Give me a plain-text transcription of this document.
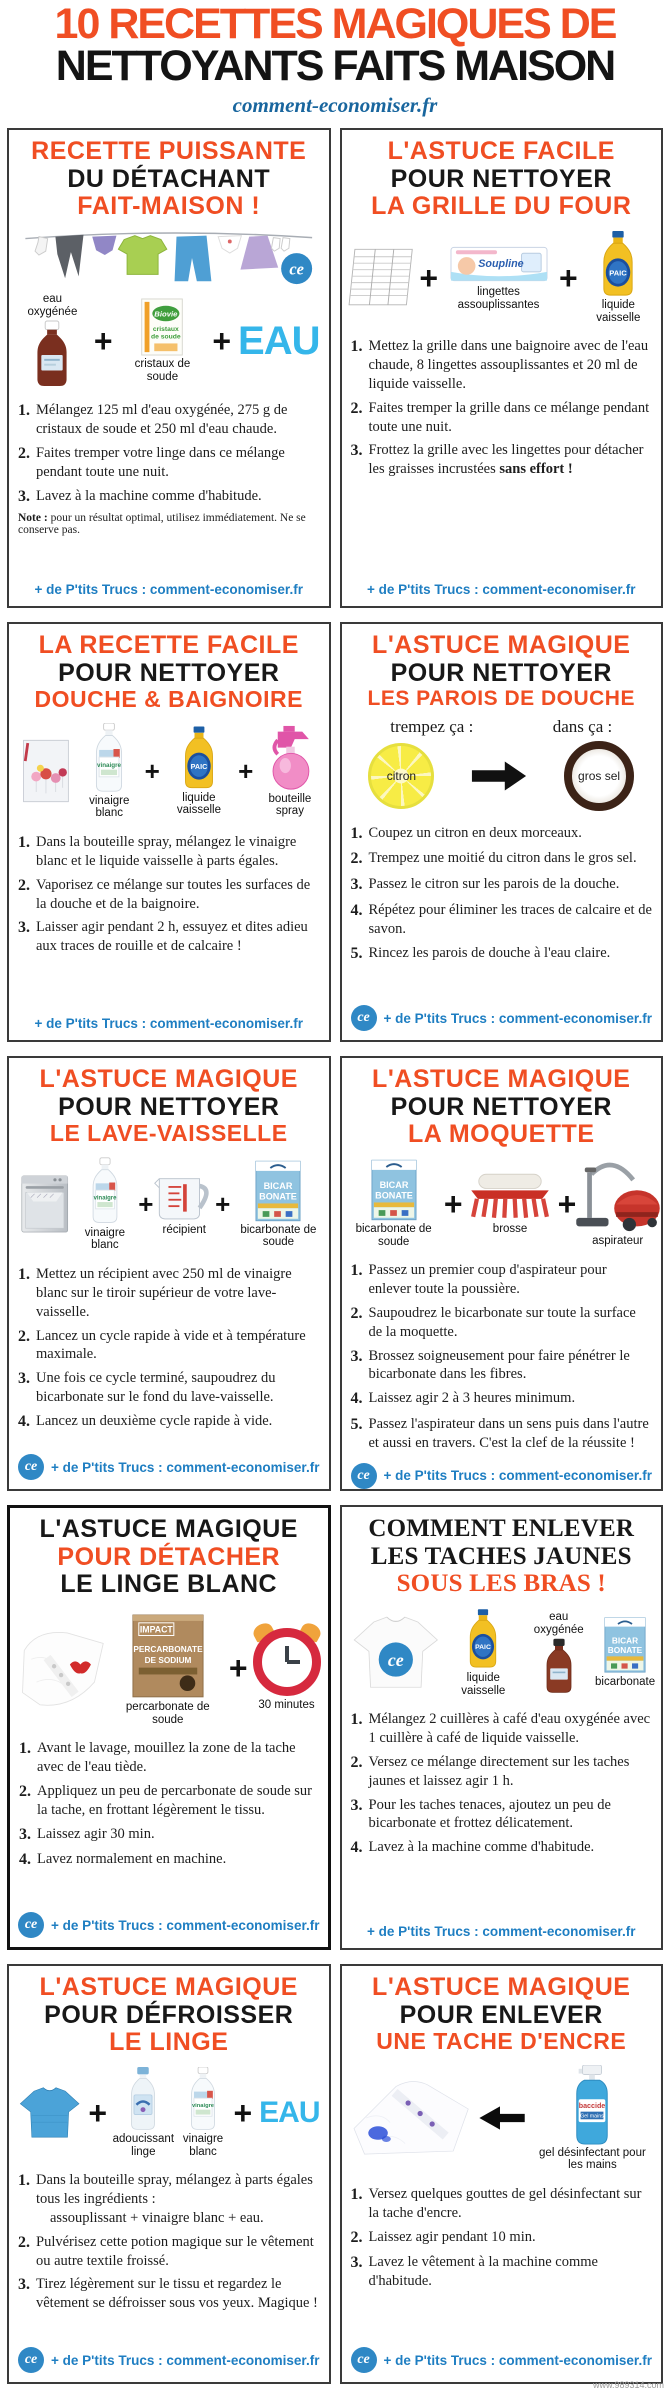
10 RECETTES MAGIQUES DE
NETTOYANTS FAITS MAISON
comment-economiser.fr
RECETTE PUISSANTE
DU DÉTACHANT
FAIT-MAISON !
ce
eau oxygénée
+
Biovie
cristaux
de soude
cristaux de soude
+ EAU
1. Mélangez 125 ml d'eau oxygénée, 275 g de cristaux de soude et 250 ml d'eau chaude.
2. Faites tremper votre linge dans ce mélange pendant toute une nuit.
3. Lavez à la machine comme d'habitude.
Note : pour un résultat optimal, utilisez immédiatement. Ne se conserve pas.
+ de P'tits Trucs : comment-economiser.fr
L'ASTUCE FACILE
POUR NETTOYER
LA GRILLE DU FOUR
+	Soupline
lingettes assouplissantes
+	PAIC
liquide vaisselle
1. Mettez la grille dans une baignoire avec de l'eau chaude, 8 lingettes assouplissantes et 20 ml de liquide vaisselle.
2. Faites tremper la grille dans ce mélange pendant toute une nuit.
3. Frottez la grille avec les lingettes pour détacher les graisses incrustées sans effort !
+ de P'tits Trucs : comment-economiser.fr
LA RECETTE FACILE
POUR NETTOYER
DOUCHE & BAIGNOIRE
vinaigre
vinaigre blanc
+	PAIC
liquide vaisselle
+
bouteille spray
1. Dans la bouteille spray, mélangez le vinaigre blanc et le liquide vaisselle à parts égales.
2. Vaporisez ce mélange sur toutes les surfaces de la douche et de la baignoire.
3. Laisser agir pendant 2 h, essuyez et dites adieu aux traces de rouille et de calcaire !
+ de P'tits Trucs : comment-economiser.fr
L'ASTUCE MAGIQUE
POUR NETTOYER
LES PAROIS DE DOUCHE
trempez ça :	dans ça :
citron	gros sel
1. Coupez un citron en deux morceaux.
2. Trempez une moitié du citron dans le gros sel.
3. Passez le citron sur les parois de la douche.
4. Répétez pour éliminer les traces de calcaire et de savon.
5. Rincez les parois de douche à l'eau claire.
ce	+ de P'tits Trucs : comment-economiser.fr
L'ASTUCE MAGIQUE
POUR NETTOYER
LE LAVE-VAISSELLE
vinaigre
vinaigre blanc
+
récipient
+
BICAR
BONATE
bicarbonate de soude
1. Mettez un récipient avec 250 ml de vinaigre blanc sur le tiroir supérieur de votre lave-vaisselle.
2. Lancez un cycle rapide à vide et à température maximale.
3. Une fois ce cycle terminé, saupoudrez du bicarbonate sur le fond du lave-vaisselle.
4. Lancez un deuxième cycle rapide à vide.
ce	+ de P'tits Trucs : comment-economiser.fr
L'ASTUCE MAGIQUE
POUR NETTOYER
LA MOQUETTE
BICAR
BONATE
bicarbonate de soude
+
brosse
+
aspirateur
1. Passez un premier coup d'aspirateur pour enlever toute la poussière.
2. Saupoudrez le bicarbonate sur toute la surface de la moquette.
3. Brossez soigneusement pour faire pénétrer le bicarbonate dans les fibres.
4. Laissez agir 2 à 3 heures minimum.
5. Passez l'aspirateur dans un sens puis dans l'autre et aussi en travers. C'est la clef de la réussite !
ce	+ de P'tits Trucs : comment-economiser.fr
L'ASTUCE MAGIQUE
POUR DÉTACHER
LE LINGE BLANC
IMPACT
PERCARBONATE
DE SODIUM
percarbonate de soude
+
30 minutes
1. Avant le lavage, mouillez la zone de la tache avec de l'eau tiède.
2. Appliquez un peu de percarbonate de soude sur la tache, en frottant légèrement le tissu.
3. Laissez agir 30 min.
4. Lavez normalement en machine.
ce	+ de P'tits Trucs : comment-economiser.fr
COMMENT ENLEVER
LES TACHES JAUNES
SOUS LES BRAS !
ce
PAIC
liquide vaisselle
eau oxygénée
BICAR
BONATE
bicarbonate
1. Mélangez 2 cuillères à café d'eau oxygénée avec 1 cuillère à café de liquide vaisselle.
2. Versez ce mélange directement sur les taches jaunes et laissez agir 1 h.
3. Pour les taches tenaces, ajoutez un peu de bicarbonate et frottez délicatement.
4. Lavez à la machine comme d'habitude.
+ de P'tits Trucs : comment-economiser.fr
L'ASTUCE MAGIQUE
POUR DÉFROISSER
LE LINGE
+
adoucissant linge
vinaigre
vinaigre blanc
+ EAU
1. Dans la bouteille spray, mélangez à parts égales tous les ingrédients :
assouplissant + vinaigre blanc + eau.
2. Pulvérisez cette potion magique sur le vêtement ou autre textile froissé.
3. Tirez légèrement sur le tissu et regardez le vêtement se défroisser sous vos yeux. Magique !
ce	+ de P'tits Trucs : comment-economiser.fr
L'ASTUCE MAGIQUE
POUR ENLEVER
UNE TACHE D'ENCRE
baccide
Gel mains
gel désinfectant pour les mains
1. Versez quelques gouttes de gel désinfectant sur la tache d'encre.
2. Laissez agir pendant 10 min.
3. Lavez le vêtement à la machine comme d'habitude.
ce	+ de P'tits Trucs : comment-economiser.fr
www.989314.com
